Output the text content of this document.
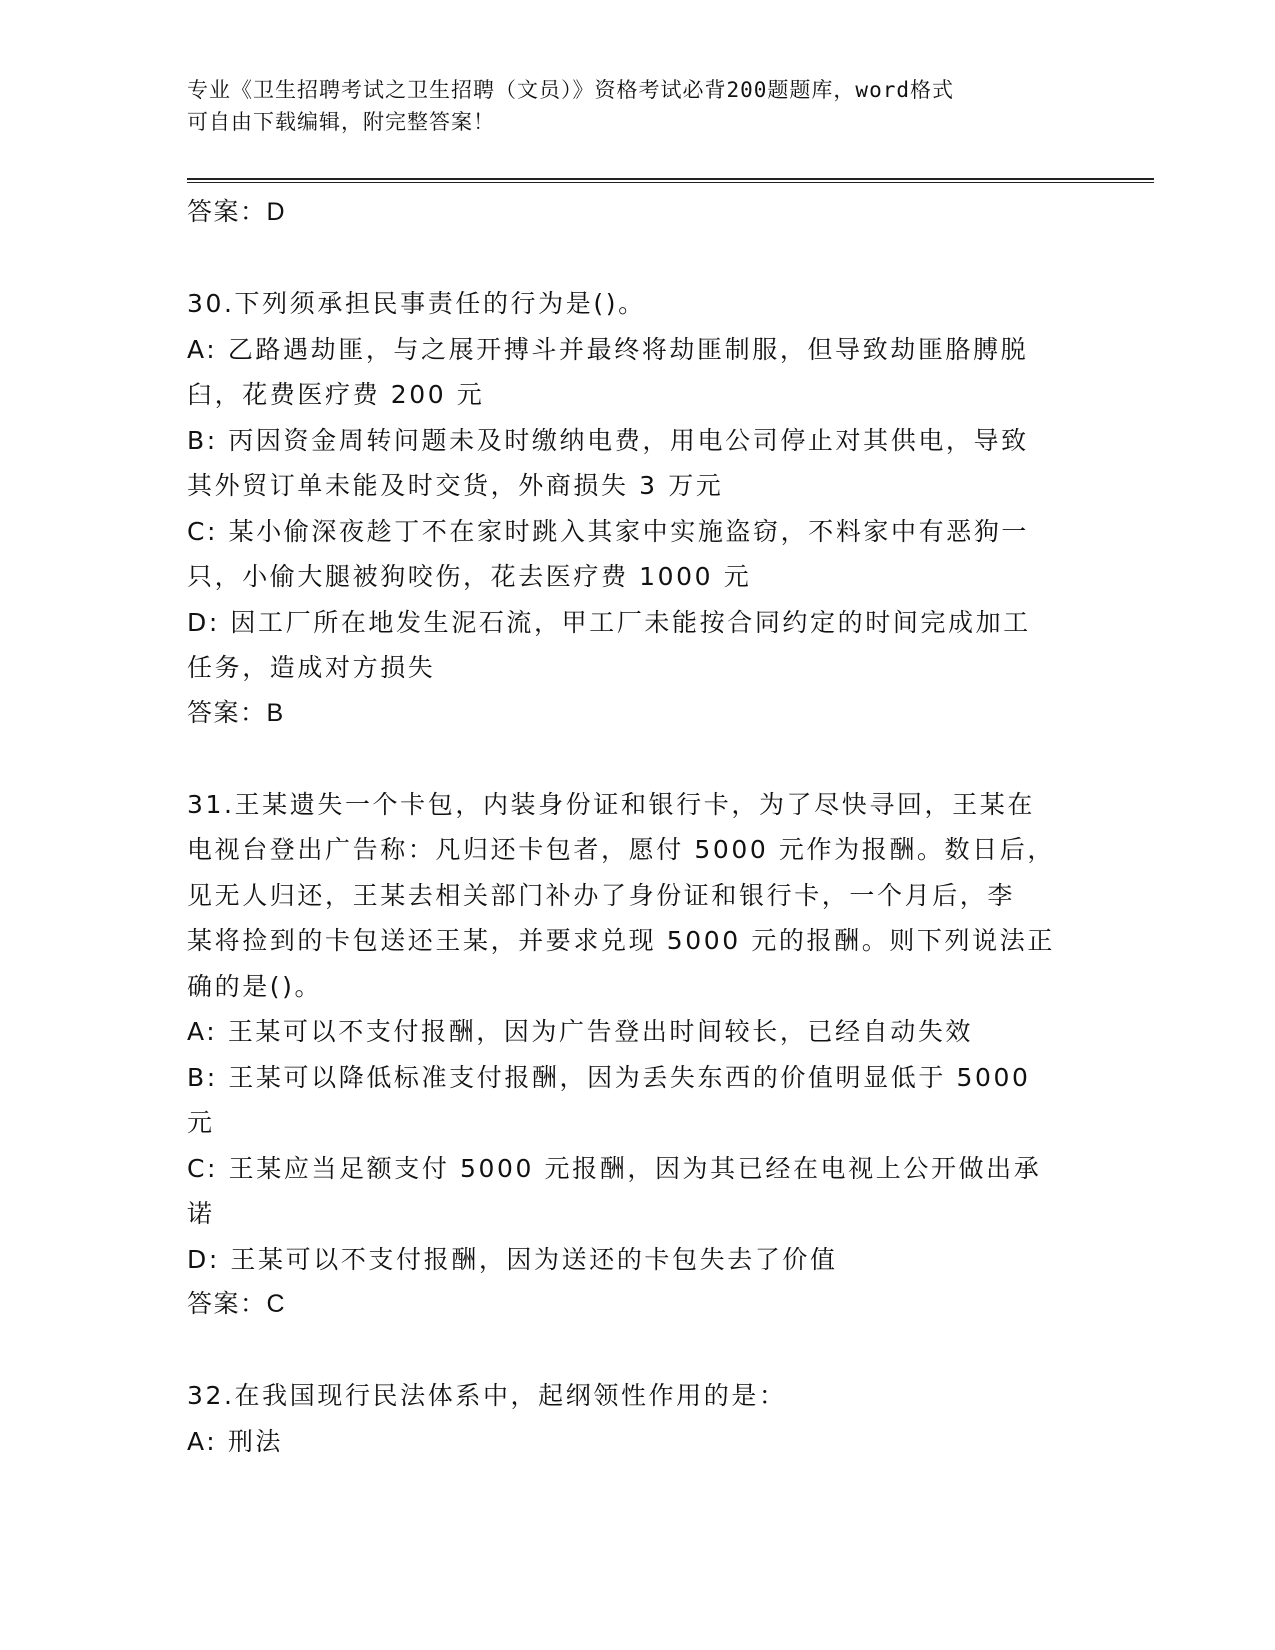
专业《卫生招聘考试之卫生招聘（文员）》资格考试必背200题题库，word格式
可自由下载编辑，附完整答案！
答案：D
30.下列须承担民事责任的行为是()。
A: 乙路遇劫匪，与之展开搏斗并最终将劫匪制服，但导致劫匪胳膊脱
臼，花费医疗费 200 元
B: 丙因资金周转问题未及时缴纳电费，用电公司停止对其供电，导致
其外贸订单未能及时交货，外商损失 3 万元
C: 某小偷深夜趁丁不在家时跳入其家中实施盗窃，不料家中有恶狗一
只，小偷大腿被狗咬伤，花去医疗费 1000 元
D: 因工厂所在地发生泥石流，甲工厂未能按合同约定的时间完成加工
任务，造成对方损失
答案：B
31.王某遗失一个卡包，内装身份证和银行卡，为了尽快寻回，王某在
电视台登出广告称：凡归还卡包者，愿付 5000 元作为报酬。数日后，
见无人归还，王某去相关部门补办了身份证和银行卡，一个月后，李
某将捡到的卡包送还王某，并要求兑现 5000 元的报酬。则下列说法正
确的是()。
A: 王某可以不支付报酬，因为广告登出时间较长，已经自动失效
B: 王某可以降低标准支付报酬，因为丢失东西的价值明显低于 5000
元
C: 王某应当足额支付 5000 元报酬，因为其已经在电视上公开做出承
诺
D: 王某可以不支付报酬，因为送还的卡包失去了价值
答案：C
32.在我国现行民法体系中，起纲领性作用的是：
A: 刑法
